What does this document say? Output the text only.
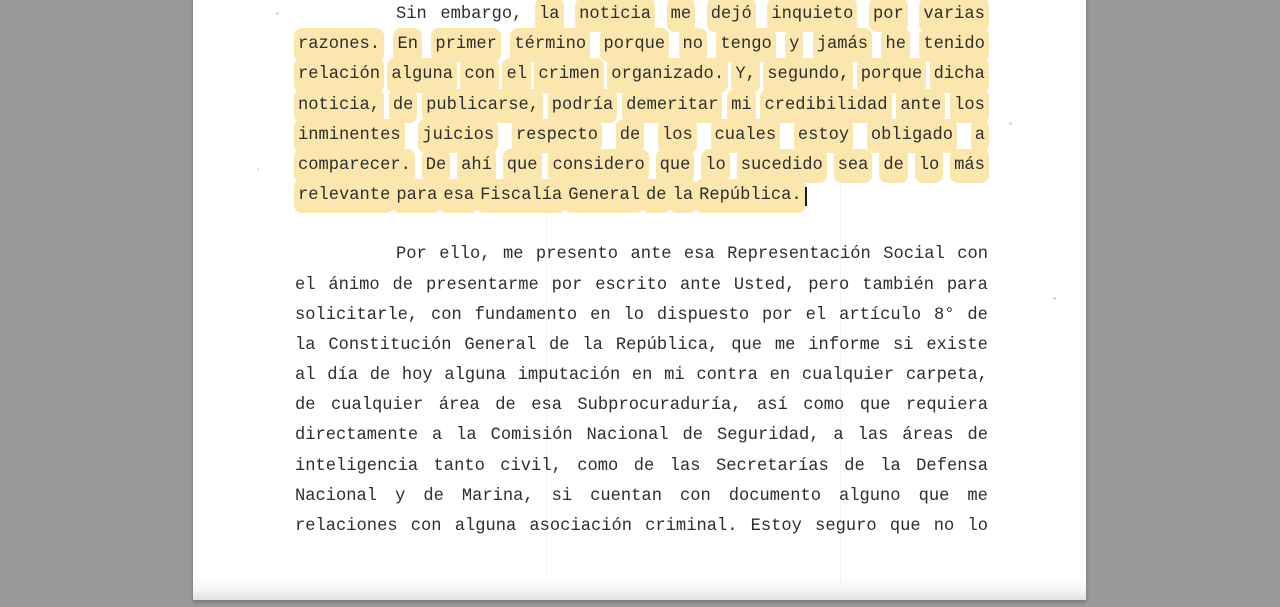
Sin embargo, la noticia me dejó inquieto por varias
razones. En primer término porque no tengo y jamás he tenido
relación alguna con el crimen organizado. Y, segundo, porque dicha
noticia, de publicarse, podría demeritar mi credibilidad ante los
inminentes juicios respecto de los cuales estoy obligado a
comparecer. De ahí que considero que lo sucedido sea de lo más
relevante para esa Fiscalía General de la República.

Por ello, me presento ante esa Representación Social con
el ánimo de presentarme por escrito ante Usted, pero también para
solicitarle, con fundamento en lo dispuesto por el artículo 8° de
la Constitución General de la República, que me informe si existe
al día de hoy alguna imputación en mi contra en cualquier carpeta,
de cualquier área de esa Subprocuraduría, así como que requiera
directamente a la Comisión Nacional de Seguridad, a las áreas de
inteligencia tanto civil, como de las Secretarías de la Defensa
Nacional y de Marina, si cuentan con documento alguno que me
relaciones con alguna asociación criminal. Estoy seguro que no lo
